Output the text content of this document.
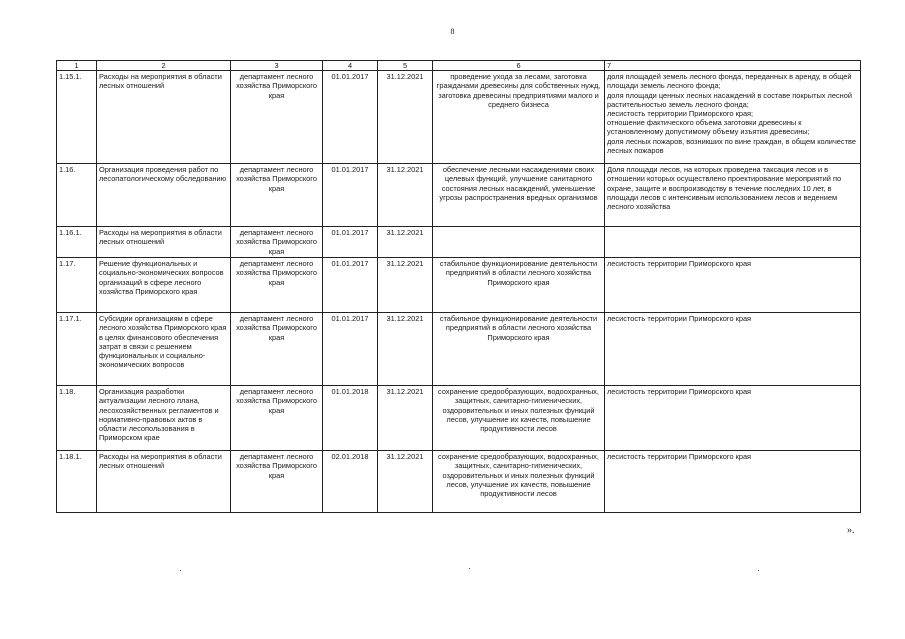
8
1	2	3	4	5	6	7
1.15.1.	Расходы на мероприятия в области лесных отношений	департамент лесного хозяйства Приморского края	01.01.2017	31.12.2021	проведение ухода за лесами, заготовка гражданами древесины для собственных нужд, заготовка древесины предприятиями малого и среднего бизнеса	доля площадей земель лесного фонда, переданных в аренду, в общей площади земель лесного фонда;
доля площади ценных лесных насаждений в составе покрытых лесной растительностью земель лесного фонда;
лесистость территории Приморского края;
отношение фактического объема заготовки древесины к установленному допустимому объему изъятия древесины;
доля лесных пожаров, возникших по вине граждан, в общем количестве лесных пожаров

1.16.	Организация проведения работ по лесопатологическому обследованию	департамент лесного хозяйства Приморского края	01.01.2017	31.12.2021	обеспечение лесными насаждениями своих целевых функций, улучшение санитарного состояния лесных насаждений, уменьшение угрозы распространения вредных организмов	Доля площади лесов, на которых проведена таксация лесов и в отношении которых осуществлено проектирование мероприятий по охране, защите и воспроизводству в течение последних 10 лет, в площади лесов с интенсивным использованием лесов и ведением лесного хозяйства

1.16.1.	Расходы на мероприятия в области лесных отношений	департамент лесного хозяйства Приморского края	01.01.2017	31.12.2021		
1.17.	Решение функциональных и социально-экономических вопросов организаций в сфере лесного хозяйства Приморского края	департамент лесного хозяйства Приморского края	01.01.2017	31.12.2021	стабильное функционирование деятельности предприятий в области лесного хозяйства Приморского края	лесистость территории Приморского края

1.17.1.	Субсидии организациям в сфере лесного хозяйства Приморского края в целях финансового обеспечения затрат в связи с решением функциональных и социально-экономических вопросов	департамент лесного хозяйства Приморского края	01.01.2017	31.12.2021	стабильное функционирование деятельности предприятий в области лесного хозяйства Приморского края	лесистость территории Приморского края

1.18.	Организация разработки актуализации лесного плана, лесохозяйственных регламентов и нормативно-правовых актов в области лесопользования в Приморском крае	департамент лесного хозяйства Приморского края	01.01.2018	31.12.2021	сохранение средообразующих, водоохранных, защитных, санитарно-гигиенических, оздоровительных и иных полезных функций лесов, улучшение их качеств, повышение продуктивности лесов	лесистость территории Приморского края

1.18.1.	Расходы на мероприятия в области лесных отношений	департамент лесного хозяйства Приморского края	02.01.2018	31.12.2021	сохранение средообразующих, водоохранных, защитных, санитарно-гигиенических, оздоровительных и иных полезных функций лесов, улучшение их качеств, повышение продуктивности лесов	лесистость территории Приморского края
».
